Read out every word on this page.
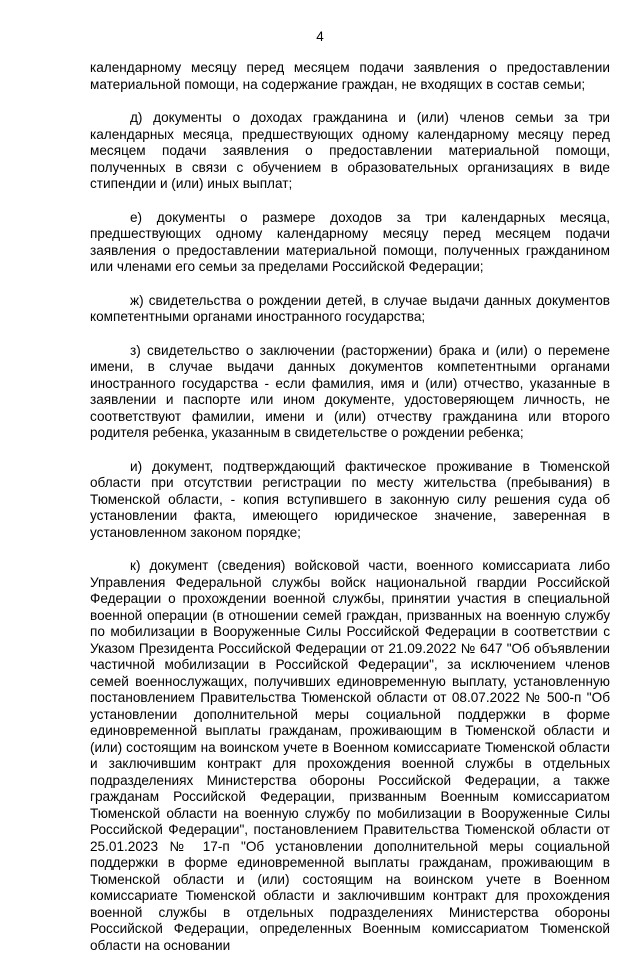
4

календарному месяцу перед месяцем подачи заявления о предоставлении материальной помощи, на содержание граждан, не входящих в состав семьи;

д) документы о доходах гражданина и (или) членов семьи за три календарных месяца, предшествующих одному календарному месяцу перед месяцем подачи заявления о предоставлении материальной помощи, полученных в связи с обучением в образовательных организациях в виде стипендии и (или) иных выплат;

е) документы о размере доходов за три календарных месяца, предшествующих одному календарному месяцу перед месяцем подачи заявления о предоставлении материальной помощи, полученных гражданином или членами его семьи за пределами Российской Федерации;

ж) свидетельства о рождении детей, в случае выдачи данных документов компетентными органами иностранного государства;

з) свидетельство о заключении (расторжении) брака и (или) о перемене имени, в случае выдачи данных документов компетентными органами иностранного государства - если фамилия, имя и (или) отчество, указанные в заявлении и паспорте или ином документе, удостоверяющем личность, не соответствуют фамилии, имени и (или) отчеству гражданина или второго родителя ребенка, указанным в свидетельстве о рождении ребенка;

и) документ, подтверждающий фактическое проживание в Тюменской области при отсутствии регистрации по месту жительства (пребывания) в Тюменской области, - копия вступившего в законную силу решения суда об установлении факта, имеющего юридическое значение, заверенная в установленном законом порядке;

к) документ (сведения) войсковой части, военного комиссариата либо Управления Федеральной службы войск национальной гвардии Российской Федерации о прохождении военной службы, принятии участия в специальной военной операции (в отношении семей граждан, призванных на военную службу по мобилизации в Вооруженные Силы Российской Федерации в соответствии с Указом Президента Российской Федерации от 21.09.2022 № 647 "Об объявлении частичной мобилизации в Российской Федерации", за исключением членов семей военнослужащих, получивших единовременную выплату, установленную постановлением Правительства Тюменской области от 08.07.2022 № 500-п "Об установлении дополнительной меры социальной поддержки в форме единовременной выплаты гражданам, проживающим в Тюменской области и (или) состоящим на воинском учете в Военном комиссариате Тюменской области и заключившим контракт для прохождения военной службы в отдельных подразделениях Министерства обороны Российской Федерации, а также гражданам Российской Федерации, призванным Военным комиссариатом Тюменской области на военную службу по мобилизации в Вооруженные Силы Российской Федерации", постановлением Правительства Тюменской области от 25.01.2023 № 17-п "Об установлении дополнительной меры социальной поддержки в форме единовременной выплаты гражданам, проживающим в Тюменской области и (или) состоящим на воинском учете в Военном комиссариате Тюменской области и заключившим контракт для прохождения военной службы в отдельных подразделениях Министерства обороны Российской Федерации, определенных Военным комиссариатом Тюменской области на основании
